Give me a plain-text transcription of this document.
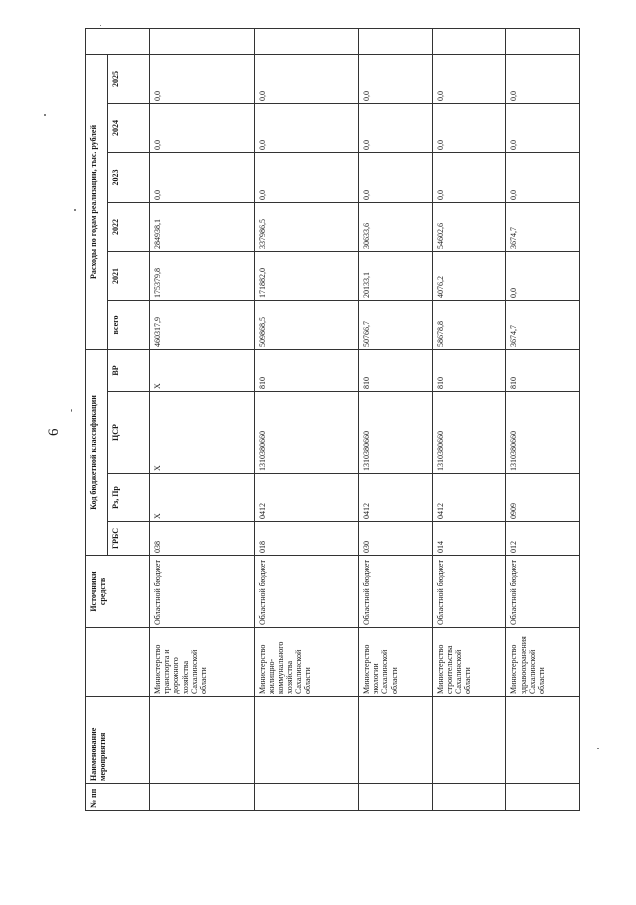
6
№ пп	Наименование мероприятия		Источники средств	Код бюджетной классификации				Расходы по годам реализации, тыс. рублей						
				ГРБС	Рз, Пр	ЦСР	ВР	всего	2021	2022	2023	2024	2025	
		Министерство транспорта и дорожного хозяйства Сахалинской области	Областной бюджет	038	X	X	X	460317,9	175379,8	284938,1	0,0	0,0	0,0	
		Министерство жилищно-коммунального хозяйства Сахалинской области	Областной бюджет	018	0412	1310380660	810	509868,5	171882,0	337986,5	0,0	0,0	0,0	
		Министерство экологии Сахалинской области	Областной бюджет	030	0412	1310380660	810	50766,7	20133,1	30633,6	0,0	0,0	0,0	
		Министерство строительства Сахалинской области	Областной бюджет	014	0412	1310380660	810	58678,8	4076,2	54602,6	0,0	0,0	0,0	
		Министерство здравоохранения Сахалинской области	Областной бюджет	012	0909	1310380660	810	3674,7	0,0	3674,7	0,0	0,0	0,0	
